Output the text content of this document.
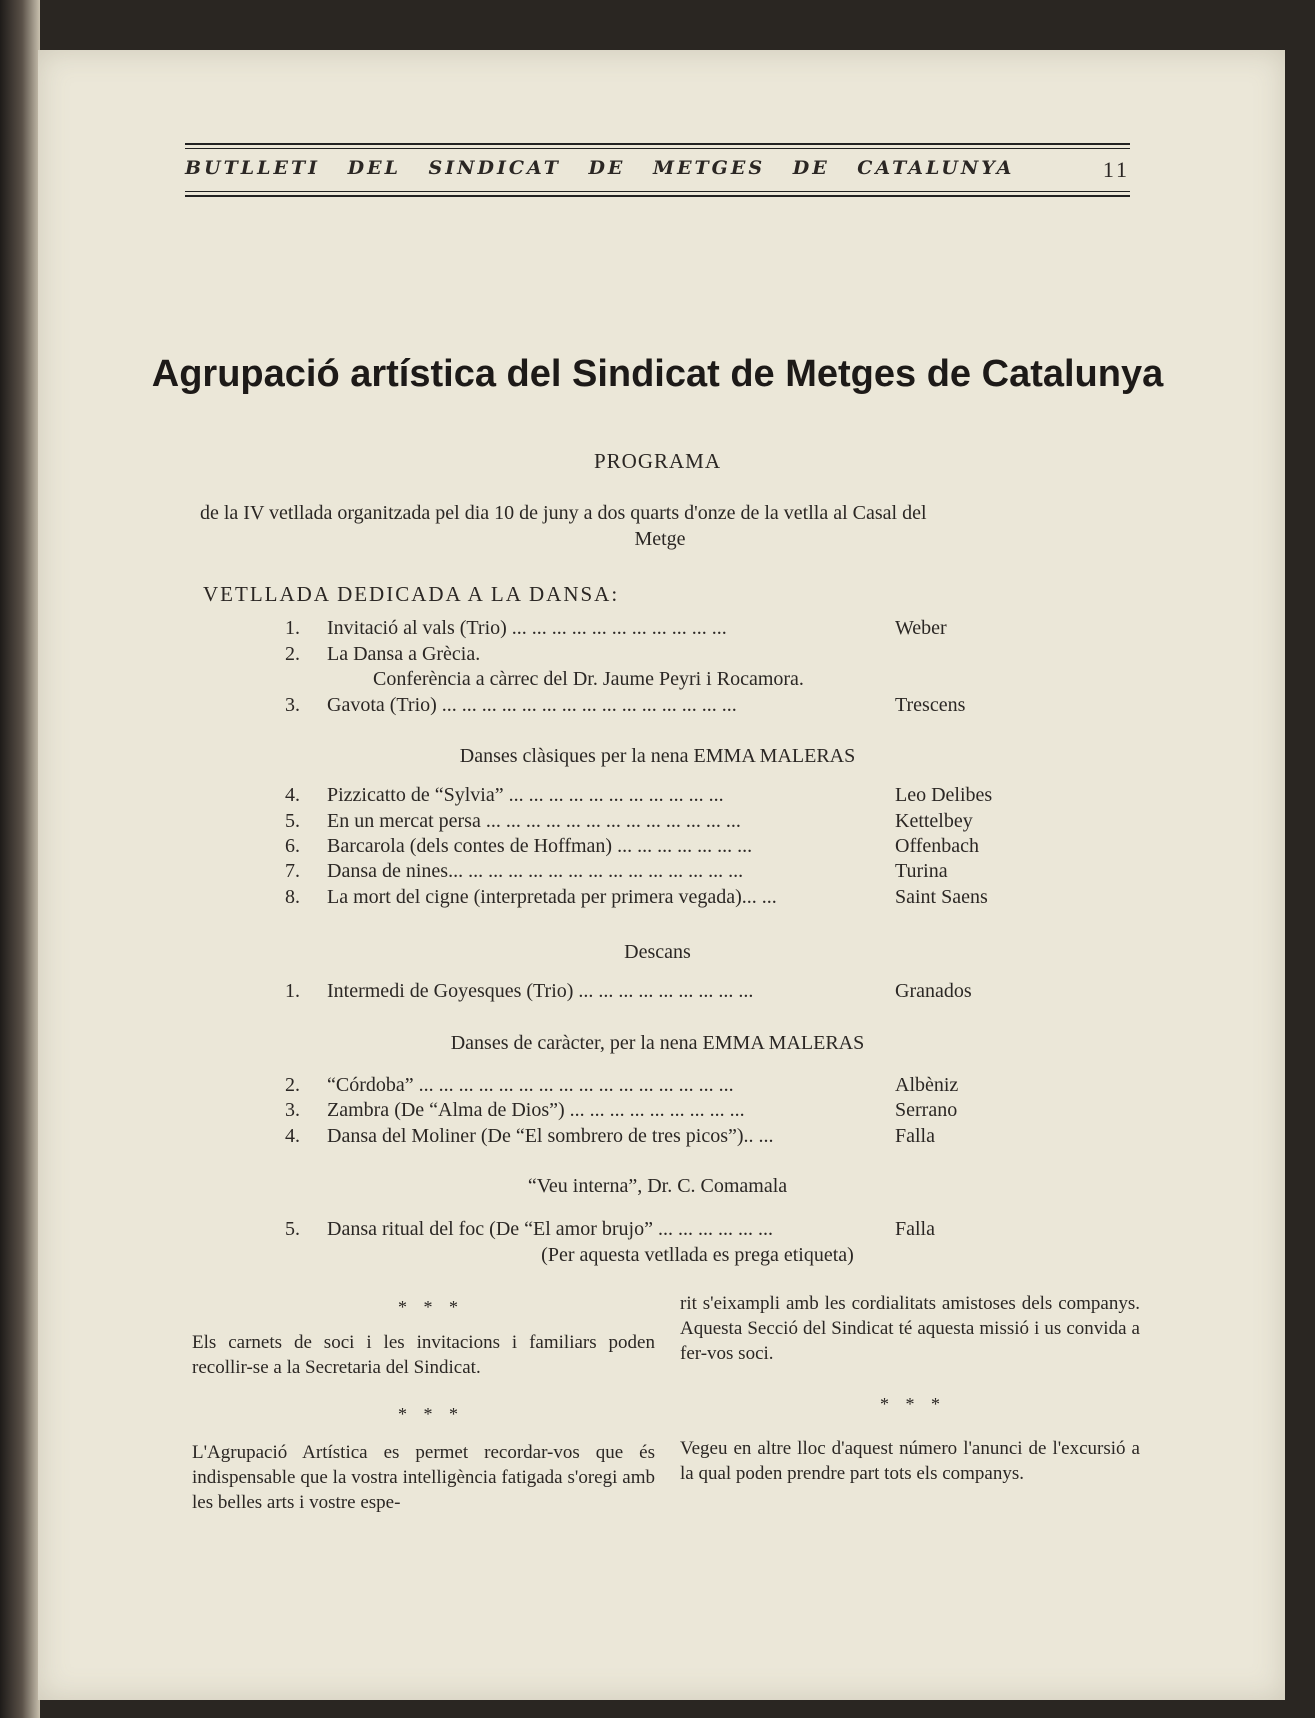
BUTLLETI DEL SINDICAT DE METGES DE CATALUNYA	11
Agrupació artística del Sindicat de Metges de Catalunya
PROGRAMA
de la IV vetllada organitzada pel dia 10 de juny a dos quarts d'onze de la vetlla al Casal del
Metge
VETLLADA DEDICADA A LA DANSA:
1.	Invitació al vals (Trio) ... ... ... ... ... ... ... ... ... ... ...	Weber
2.	La Dansa a Grècia.
Conferència a càrrec del Dr. Jaume Peyri i Rocamora.
3.	Gavota (Trio) ... ... ... ... ... ... ... ... ... ... ... ... ... ... ...	Trescens
Danses clàsiques per la nena EMMA MALERAS
4.	Pizzicatto de “Sylvia” ... ... ... ... ... ... ... ... ... ... ...	Leo Delibes
5.	En un mercat persa ... ... ... ... ... ... ... ... ... ... ... ... ...	Kettelbey
6.	Barcarola (dels contes de Hoffman) ... ... ... ... ... ... ...	Offenbach
7.	Dansa de nines... ... ... ... ... ... ... ... ... ... ... ... ... ... ...	Turina
8.	La mort del cigne (interpretada per primera vegada)... ...	Saint Saens
Descans
1.	Intermedi de Goyesques (Trio) ... ... ... ... ... ... ... ... ...	Granados
Danses de caràcter, per la nena EMMA MALERAS
2.	“Córdoba” ... ... ... ... ... ... ... ... ... ... ... ... ... ... ... ...	Albèniz
3.	Zambra (De “Alma de Dios”) ... ... ... ... ... ... ... ... ...	Serrano
4.	Dansa del Moliner (De “El sombrero de tres picos”).. ...	Falla
“Veu interna”, Dr. C. Comamala
5.	Dansa ritual del foc (De “El amor brujo” ... ... ... ... ... ...	Falla
(Per aquesta vetllada es prega etiqueta)
* * *
Els carnets de soci i les invitacions i familiars poden recollir-se a la Secretaria del Sindicat.
* * *
L'Agrupació Artística es permet recordar-vos que és indispensable que la vostra intelligència fatigada s'oregi amb les belles arts i vostre espe-
rit s'eixampli amb les cordialitats amistoses dels companys. Aquesta Secció del Sindicat té aquesta missió i us convida a fer-vos soci.
* * *
Vegeu en altre lloc d'aquest número l'anunci de l'excursió a la qual poden prendre part tots els companys.
